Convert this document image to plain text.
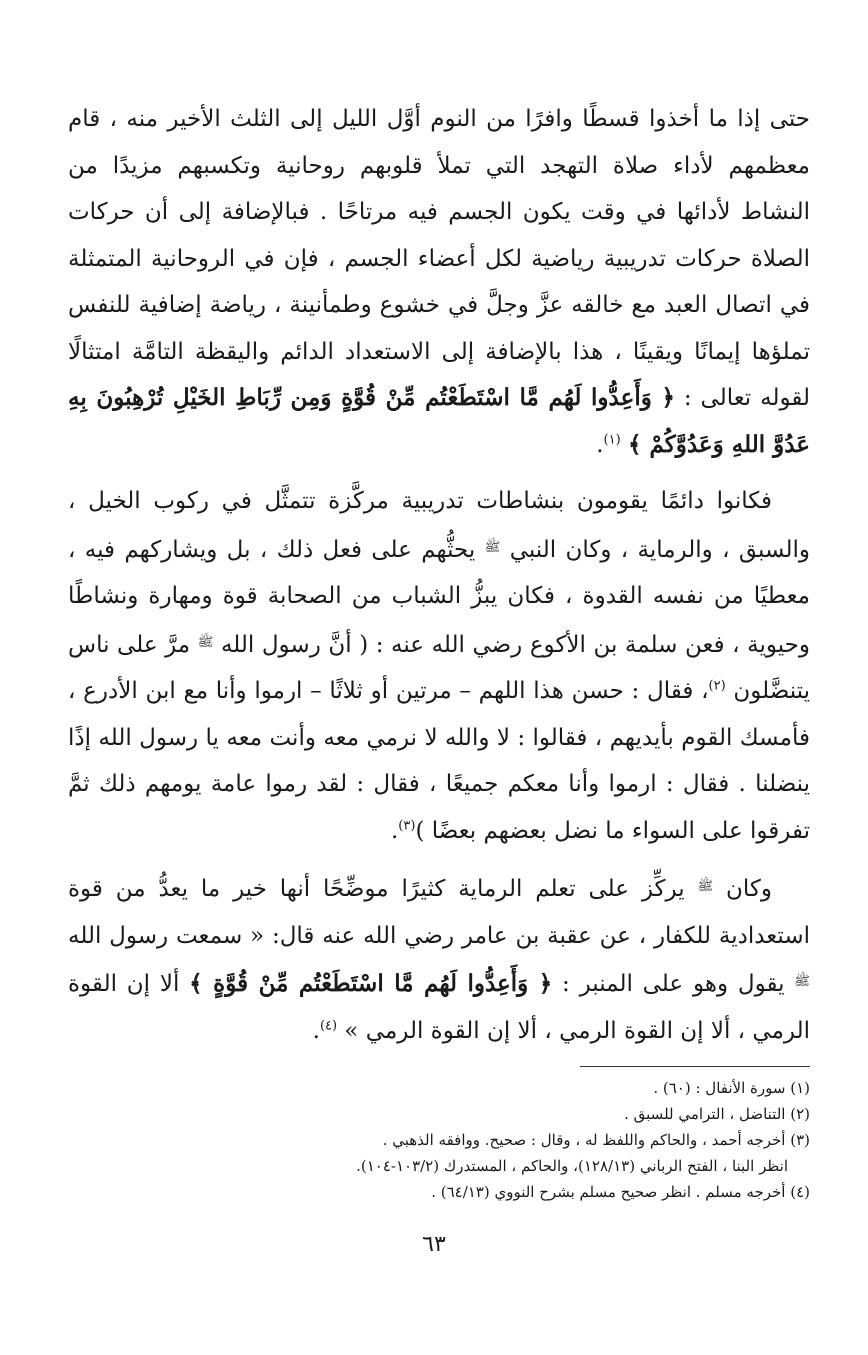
حتى إذا ما أخذوا قسطًا وافرًا من النوم أوَّل الليل إلى الثلث الأخير منه ، قام معظمهم لأداء صلاة التهجد التي تملأ قلوبهم روحانية وتكسبهم مزيدًا من النشاط لأدائها في وقت يكون الجسم فيه مرتاحًا . فبالإضافة إلى أن حركات الصلاة حركات تدريبية رياضية لكل أعضاء الجسم ، فإن في الروحانية المتمثلة في اتصال العبد مع خالقه عزَّ وجلَّ في خشوع وطمأنينة ، رياضة إضافية للنفس تملؤها إيمانًا ويقينًا ، هذا بالإضافة إلى الاستعداد الدائم واليقظة التامَّة امتثالًا لقوله تعالى : ﴿ وَأَعِدُّوا لَهُم مَّا اسْتَطَعْتُم مِّنْ قُوَّةٍ وَمِن رِّبَاطِ الخَيْلِ تُرْهِبُونَ بِهِ عَدُوَّ اللهِ وَعَدُوَّكُمْ ﴾ $^{(١)}$.

فكانوا دائمًا يقومون بنشاطات تدريبية مركَّزة تتمثَّل في ركوب الخيل ، والسبق ، والرماية ، وكان النبي $^ﷺ$ يحثُّهم على فعل ذلك ، بل ويشاركهم فيه ، معطيًا من نفسه القدوة ، فكان يبزُّ الشباب من الصحابة قوة ومهارة ونشاطًا وحيوية ، فعن سلمة بن الأكوع رضي الله عنه : ( أنَّ رسول الله $^ﷺ$ مرَّ على ناس يتنضَّلون $^{(٢)}$، فقال : حسن هذا اللهم – مرتين أو ثلاثًا – ارموا وأنا مع ابن الأدرع ، فأمسك القوم بأيديهم ، فقالوا : لا والله لا نرمي معه وأنت معه يا رسول الله إذًا ينضلنا . فقال : ارموا وأنا معكم جميعًا ، فقال : لقد رموا عامة يومهم ذلك ثمَّ تفرقوا على السواء ما نضل بعضهم بعضًا )$^{(٣)}$.

وكان $^ﷺ$ يركِّز على تعلم الرماية كثيرًا موضِّحًا أنها خير ما يعدُّ من قوة استعدادية للكفار ، عن عقبة بن عامر رضي الله عنه قال: « سمعت رسول الله $^ﷺ$ يقول وهو على المنبر : ﴿ وَأَعِدُّوا لَهُم مَّا اسْتَطَعْتُم مِّنْ قُوَّةٍ ﴾ ألا إن القوة الرمي ، ألا إن القوة الرمي ، ألا إن القوة الرمي » $^{(٤)}$.

(١) سورة الأنفال : (٦٠) .

(٢) التناضل ، الترامي للسبق .

(٣) أخرجه أحمد ، والحاكم واللفظ له ، وقال : صحيح. ووافقه الذهبي .

انظر البنا ، الفتح الرباني (١٢٨/١٣)، والحاكم ، المستدرك (١٠٣/٢-١٠٤).

(٤) أخرجه مسلم . انظر صحيح مسلم بشرح النووي (٦٤/١٣) .

٦٣
